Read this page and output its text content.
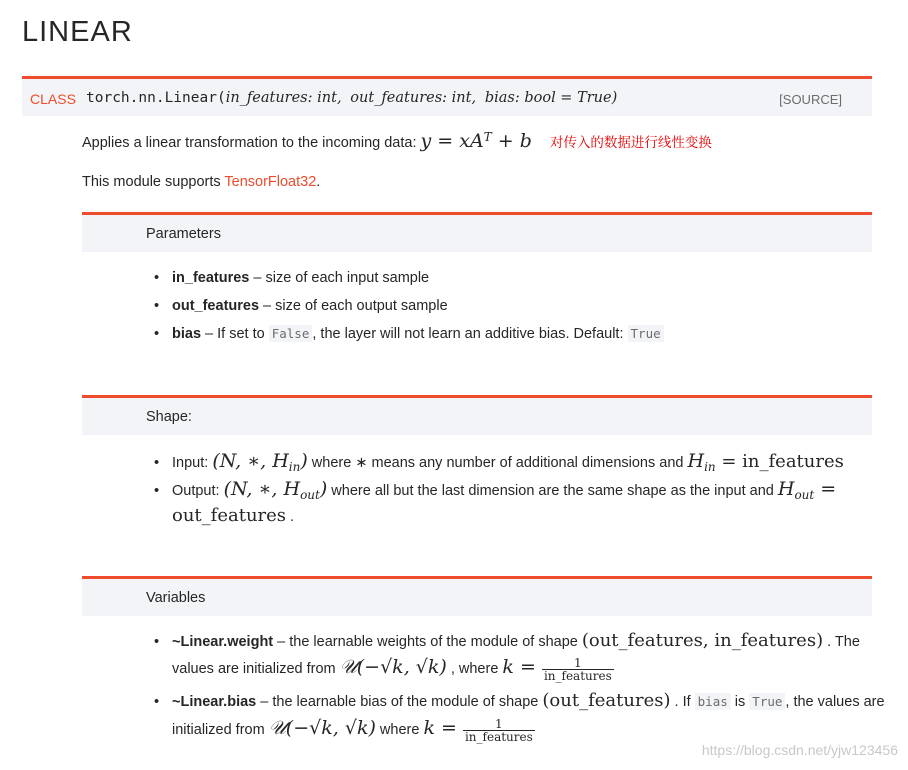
LINEAR
CLASS torch.nn.Linear(in_features: int, out_features: int, bias: bool = True)	[SOURCE]
Applies a linear transformation to the incoming data: $y = xA^T + b$ 对传入的数据进行线性变换
This module supports TensorFloat32.
Parameters
• in_features – size of each input sample
• out_features – size of each output sample
• bias – If set to False , the layer will not learn an additive bias. Default: True
Shape:
• Input: (N, ∗, $H_{in}$) where ∗ means any number of additional dimensions and $H_{in}$ = in_features
• Output: (N, ∗, $H_{out}$) where all but the last dimension are the same shape as the input and $H_{out}$ =
out_features .
Variables
• ~Linear.weight – the learnable weights of the module of shape (out_features, in_features) . The
values are initialized from 𝒰(−√k, √k) , where $k = \frac{1}{\text{in\_features}}$
• ~Linear.bias – the learnable bias of the module of shape (out_features) . If bias is True , the values are
initialized from 𝒰(−√k, √k) where $k = \frac{1}{\text{in\_features}}$
https://blog.csdn.net/yjw123456
